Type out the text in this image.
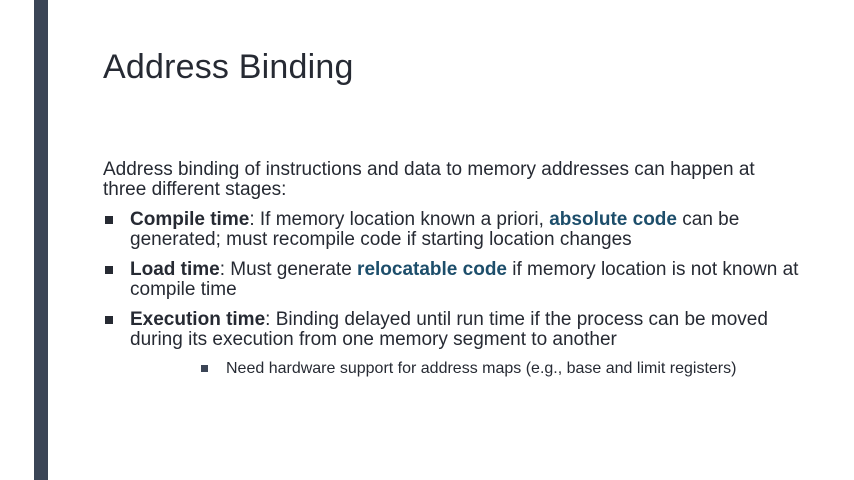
Address Binding

Address binding of instructions and data to memory addresses can happen at three different stages:

Compile time: If memory location known a priori, absolute code can be generated; must recompile code if starting location changes
Load time: Must generate relocatable code if memory location is not known at compile time
Execution time: Binding delayed until run time if the process can be moved during its execution from one memory segment to another
Need hardware support for address maps (e.g., base and limit registers)
